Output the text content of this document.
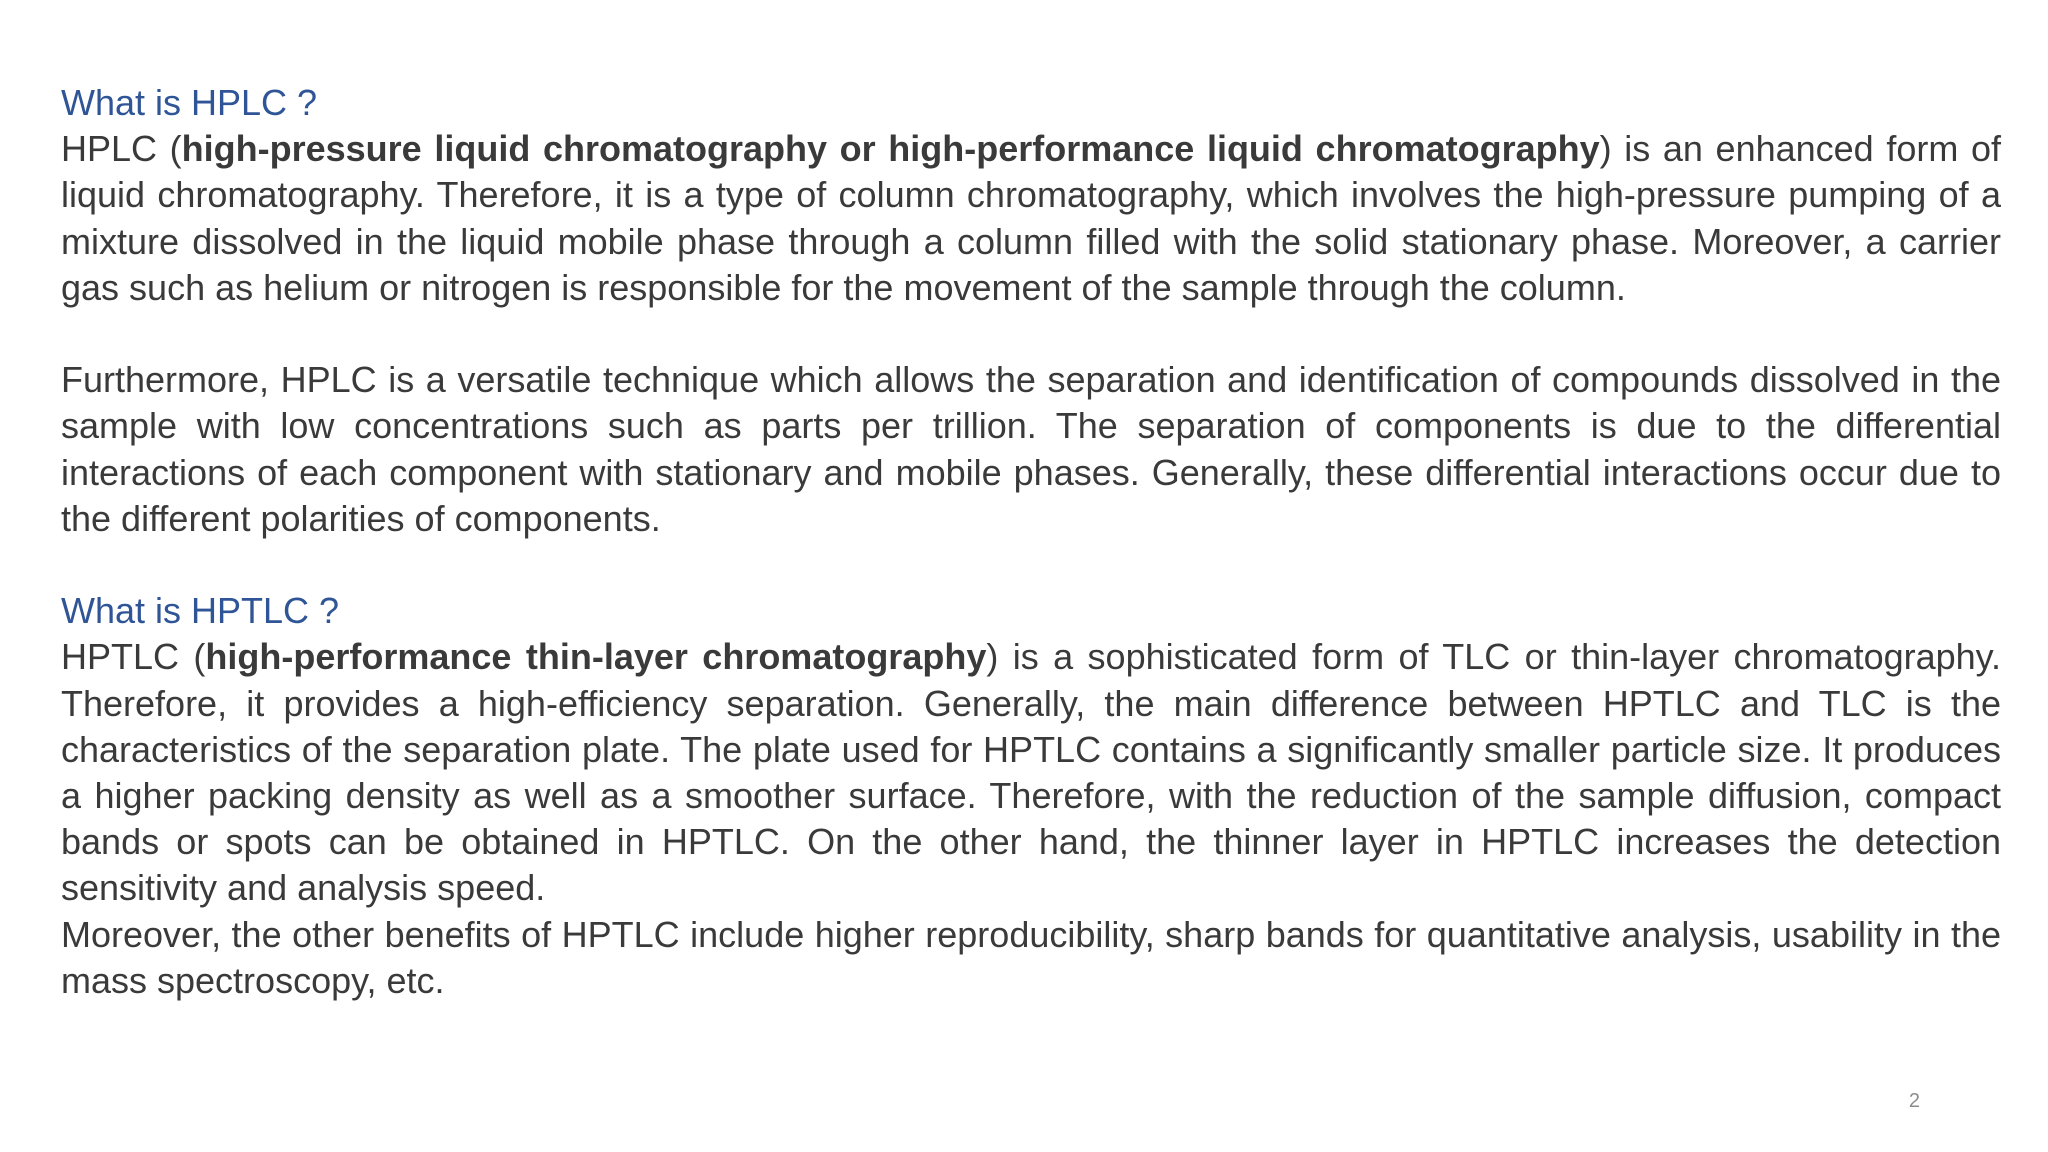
What is HPLC ?
HPLC (high-pressure liquid chromatography or high-performance liquid chromatography) is an enhanced form of liquid chromatography. Therefore, it is a type of column chromatography, which involves the high-pressure pumping of a mixture dissolved in the liquid mobile phase through a column filled with the solid stationary phase. Moreover, a carrier gas such as helium or nitrogen is responsible for the movement of the sample through the column.
Furthermore, HPLC is a versatile technique which allows the separation and identification of compounds dissolved in the sample with low concentrations such as parts per trillion. The separation of components is due to the differential interactions of each component with stationary and mobile phases. Generally, these differential interactions occur due to the different polarities of components.
What is HPTLC ?
HPTLC (high-performance thin-layer chromatography) is a sophisticated form of TLC or thin-layer chromatography. Therefore, it provides a high-efficiency separation. Generally, the main difference between HPTLC and TLC is the characteristics of the separation plate. The plate used for HPTLC contains a significantly smaller particle size. It produces a higher packing density as well as a smoother surface. Therefore, with the reduction of the sample diffusion, compact bands or spots can be obtained in HPTLC. On the other hand, the thinner layer in HPTLC increases the detection sensitivity and analysis speed.
Moreover, the other benefits of HPTLC include higher reproducibility, sharp bands for quantitative analysis, usability in the mass spectroscopy, etc.
2
